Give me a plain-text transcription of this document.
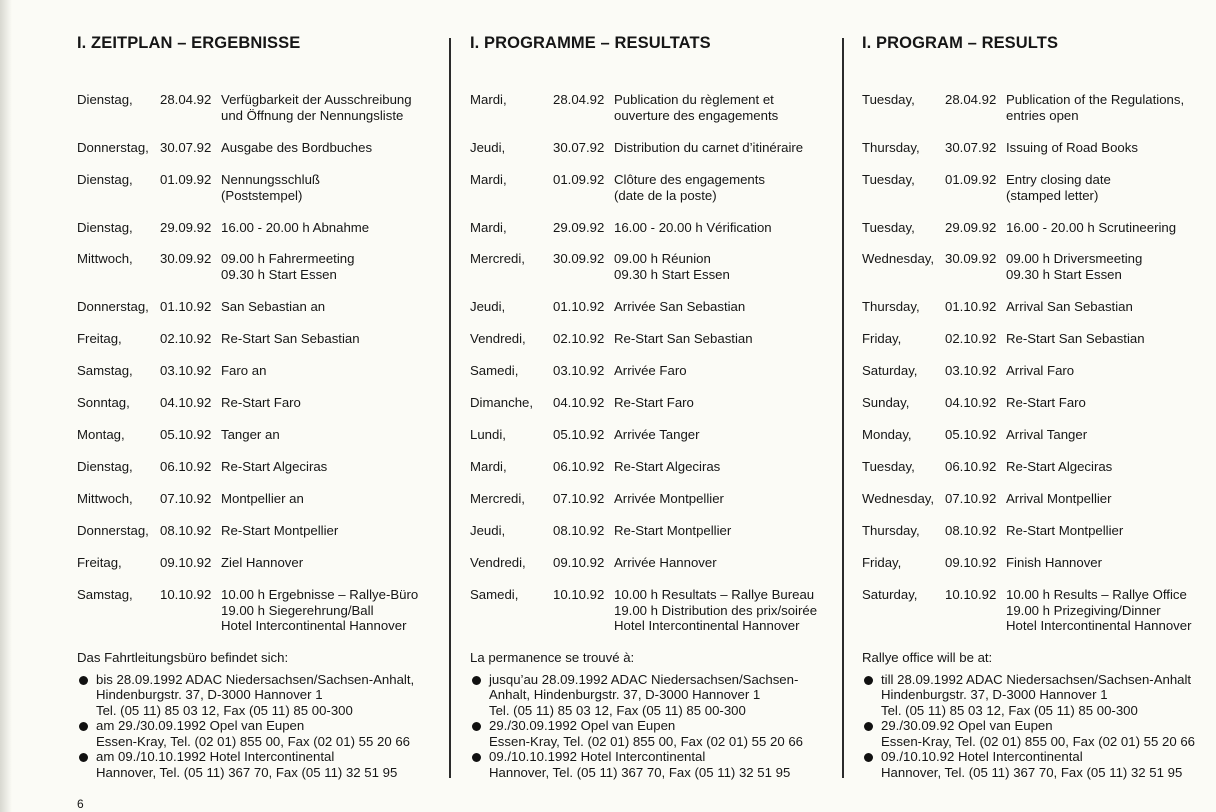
I. ZEITPLAN – ERGEBNISSE
Dienstag, 28.04.92 Verfügbarkeit der Ausschreibung
und Öffnung der Nennungsliste
Donnerstag, 30.07.92 Ausgabe des Bordbuches
Dienstag, 01.09.92 Nennungsschluß
(Poststempel)
Dienstag, 29.09.92 16.00 - 20.00 h Abnahme
Mittwoch, 30.09.92 09.00 h Fahrermeeting
09.30 h Start Essen
Donnerstag, 01.10.92 San Sebastian an
Freitag,	02.10.92 Re-Start San Sebastian
Samstag, 03.10.92 Faro an
Sonntag, 04.10.92 Re-Start Faro
Montag,	05.10.92 Tanger an
Dienstag, 06.10.92 Re-Start Algeciras
Mittwoch, 07.10.92 Montpellier an
Donnerstag, 08.10.92 Re-Start Montpellier
Freitag,	09.10.92 Ziel Hannover
Samstag, 10.10.92 10.00 h Ergebnisse – Rallye-Büro
19.00 h Siegerehrung/Ball
Hotel Intercontinental Hannover
Das Fahrtleitungsbüro befindet sich:
bis 28.09.1992 ADAC Niedersachsen/Sachsen-Anhalt,
Hindenburgstr. 37, D-3000 Hannover 1
Tel. (05 11) 85 03 12, Fax (05 11) 85 00-300
am 29./30.09.1992 Opel van Eupen
Essen-Kray, Tel. (02 01) 855 00, Fax (02 01) 55 20 66
am 09./10.10.1992 Hotel Intercontinental
Hannover, Tel. (05 11) 367 70, Fax (05 11) 32 51 95
I. PROGRAMME – RESULTATS
Mardi,	28.04.92 Publication du règlement et
ouverture des engagements
Jeudi,	30.07.92 Distribution du carnet d’itinéraire
Mardi,	01.09.92 Clôture des engagements
(date de la poste)
Mardi,	29.09.92 16.00 - 20.00 h Vérification
Mercredi, 30.09.92 09.00 h Réunion
09.30 h Start Essen
Jeudi,	01.10.92 Arrivée San Sebastian
Vendredi, 02.10.92 Re-Start San Sebastian
Samedi,	03.10.92 Arrivée Faro
Dimanche, 04.10.92 Re-Start Faro
Lundi,	05.10.92 Arrivée Tanger
Mardi,	06.10.92 Re-Start Algeciras
Mercredi, 07.10.92 Arrivée Montpellier
Jeudi,	08.10.92 Re-Start Montpellier
Vendredi, 09.10.92 Arrivée Hannover
Samedi,	10.10.92 10.00 h Resultats – Rallye Bureau
19.00 h Distribution des prix/soirée
Hotel Intercontinental Hannover
La permanence se trouvé à:
jusqu’au 28.09.1992 ADAC Niedersachsen/Sachsen-
Anhalt, Hindenburgstr. 37, D-3000 Hannover 1
Tel. (05 11) 85 03 12, Fax (05 11) 85 00-300
29./30.09.1992 Opel van Eupen
Essen-Kray, Tel. (02 01) 855 00, Fax (02 01) 55 20 66
09./10.10.1992 Hotel Intercontinental
Hannover, Tel. (05 11) 367 70, Fax (05 11) 32 51 95
I. PROGRAM – RESULTS
Tuesday, 28.04.92 Publication of the Regulations,
entries open
Thursday, 30.07.92 Issuing of Road Books
Tuesday, 01.09.92 Entry closing date
(stamped letter)
Tuesday, 29.09.92 16.00 - 20.00 h Scrutineering
Wednesday, 30.09.92 09.00 h Driversmeeting
09.30 h Start Essen
Thursday, 01.10.92 Arrival San Sebastian
Friday,	02.10.92 Re-Start San Sebastian
Saturday, 03.10.92 Arrival Faro
Sunday,	04.10.92 Re-Start Faro
Monday,	05.10.92 Arrival Tanger
Tuesday, 06.10.92 Re-Start Algeciras
Wednesday, 07.10.92 Arrival Montpellier
Thursday, 08.10.92 Re-Start Montpellier
Friday,	09.10.92 Finish Hannover
Saturday, 10.10.92 10.00 h Results – Rallye Office
19.00 h Prizegiving/Dinner
Hotel Intercontinental Hannover
Rallye office will be at:
till 28.09.1992 ADAC Niedersachsen/Sachsen-Anhalt
Hindenburgstr. 37, D-3000 Hannover 1
Tel. (05 11) 85 03 12, Fax (05 11) 85 00-300
29./30.09.92 Opel van Eupen
Essen-Kray, Tel. (02 01) 855 00, Fax (02 01) 55 20 66
09./10.10.92 Hotel Intercontinental
Hannover, Tel. (05 11) 367 70, Fax (05 11) 32 51 95
6
